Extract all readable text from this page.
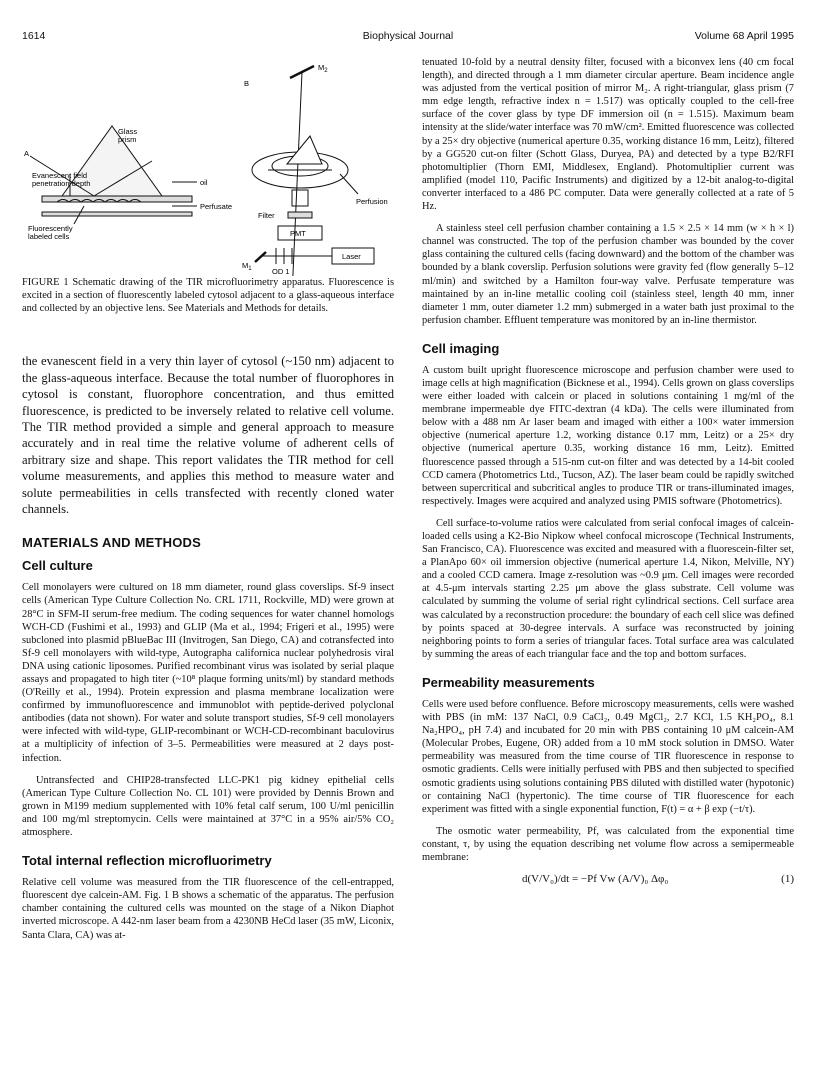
1614	Biophysical Journal	Volume 68 April 1995
A
Evanescent field
penetration depth
Glass
prism
oil
Perfusate
Fluorescently
labeled cells
B
$M_2$
$M_1$
Perfusion
Filter
PMT
Laser
OD 1

FIGURE 1 Schematic drawing of the TIR microfluorimetry apparatus. Fluorescence is excited in a section of fluorescently labeled cytosol adjacent to a glass-aqueous interface and collected by an objective lens. See Materials and Methods for details.

the evanescent field in a very thin layer of cytosol (~150 nm) adjacent to the glass-aqueous interface. Because the total number of fluorophores in cytosol is constant, fluorophore concentration, and thus emitted fluorescence, is predicted to be inversely related to relative cell volume. The TIR method provided a simple and general approach to measure accurately and in real time the relative volume of adherent cells of arbitrary size and shape. This report validates the TIR method for cell volume measurements, and applies this method to measure water and solute permeabilities in cells transfected with recently cloned water channels.

MATERIALS AND METHODS
Cell culture

Cell monolayers were cultured on 18 mm diameter, round glass coverslips. Sf-9 insect cells (American Type Culture Collection No. CRL 1711, Rockville, MD) were grown at 28°C in SFM-II serum-free medium. The coding sequences for water channel homologs WCH-CD (Fushimi et al., 1993) and GLIP (Ma et al., 1994; Frigeri et al., 1995) were subcloned into plasmid pBlueBac III (Invitrogen, San Diego, CA) and cotransfected into Sf-9 cell monolayers with wild-type, Autographa californica nuclear polyhedrosis viral DNA using cationic liposomes. Purified recombinant virus was isolated by serial plaque assays and propagated to high titer (~10⁸ plaque forming units/ml) by standard methods (O'Reilly et al., 1994). Protein expression and plasma membrane localization were confirmed by immunofluorescence and immunoblot with peptide-derived polyclonal antibodies (data not shown). For water and solute transport studies, Sf-9 cell monolayers were infected with wild-type, GLIP-recombinant or WCH-CD-recombinant baculovirus at a multiplicity of infection of 3–5. Permeabilities were measured at 2 days post-infection.

Untransfected and CHIP28-transfected LLC-PK1 pig kidney epithelial cells (American Type Culture Collection No. CL 101) were provided by Dennis Brown and grown in M199 medium supplemented with 10% fetal calf serum, 100 U/ml penicillin and 100 mg/ml streptomycin. Cells were maintained at 37°C in a 95% air/5% CO₂ atmosphere.

Total internal reflection microfluorimetry

Relative cell volume was measured from the TIR fluorescence of the cell-entrapped, fluorescent dye calcein-AM. Fig. 1 B shows a schematic of the apparatus. The perfusion chamber containing the cultured cells was mounted on the stage of a Nikon Diaphot inverted microscope. A 442-nm laser beam from a 4230NB HeCd laser (35 mW, Liconix, Santa Clara, CA) was at-

tenuated 10-fold by a neutral density filter, focused with a biconvex lens (40 cm focal length), and directed through a 1 mm diameter circular aperture. Beam incidence angle was adjusted from the vertical position of mirror M₂. A right-triangular, glass prism (7 mm edge length, refractive index n = 1.517) was optically coupled to the cell-free surface of the cover glass by type DF immersion oil (n = 1.515). Maximum beam intensity at the slide/water interface was 70 mW/cm². Emitted fluorescence was collected by a 25× dry objective (numerical aperture 0.35, working distance 16 mm, Leitz), filtered by a GG520 cut-on filter (Schott Glass, Duryea, PA) and detected by a type B2/RFI photomultiplier (Thorn EMI, Middlesex, England). Photomultiplier current was amplified (model 110, Pacific Instruments) and digitized by a 12-bit analog-to-digital converter interfaced to a 486 PC computer. Data were generally collected at a rate of 5 Hz.

A stainless steel cell perfusion chamber containing a 1.5 × 2.5 × 14 mm (w × h × l) channel was constructed. The top of the perfusion chamber was bounded by the cover glass containing the cultured cells (facing downward) and the bottom of the chamber was bounded by a blank coverslip. Perfusion solutions were gravity fed (flow generally 5–12 ml/min) and switched by a Hamilton four-way valve. Perfusate temperature was maintained by an in-line metallic cooling coil (stainless steel, length 40 mm, inner diameter 1 mm, outer diameter 1.2 mm) submerged in a water bath just proximal to the perfusion chamber. Effluent temperature was monitored by an in-line thermistor.

Cell imaging

A custom built upright fluorescence microscope and perfusion chamber were used to image cells at high magnification (Bicknese et al., 1994). Cells grown on glass coverslips were either loaded with calcein or placed in solutions containing 1 mg/ml of the membrane impermeable dye FITC-dextran (4 kDa). The cells were illuminated from below with a 488 nm Ar laser beam and imaged with either a 100× water immersion objective (numerical aperture 1.2, working distance 0.17 mm, Leitz) or a 25× dry objective (numerical aperture 0.35, working distance 16 mm, Leitz). Emitted fluorescence passed through a 515-nm cut-on filter and was detected by a 14-bit cooled CCD camera (Photometrics Ltd., Tucson, AZ). The laser beam could be rapidly switched between supercritical and subcritical angles to produce TIR or trans-illuminated images, respectively. Images were acquired and analyzed using PMIS software (Photometrics).

Cell surface-to-volume ratios were calculated from serial confocal images of calcein-loaded cells using a K2-Bio Nipkow wheel confocal microscope (Technical Instruments, San Francisco, CA). Fluorescence was excited and measured with a fluorescein-filter set, a PlanApo 60× oil immersion objective (numerical aperture 1.4, Nikon, Melville, NY) and a cooled CCD camera. Image z-resolution was ~0.9 μm. Cell images were recorded at 4.5-μm intervals starting 2.25 μm above the glass substrate. Cell volume was calculated by summing the volume of serial right cylindrical sections. Cell surface area was calculated by a reconstruction procedure: the boundary of each cell slice was defined by points spaced at 30-degree intervals. A surface was reconstructed by joining neighboring points to form a series of triangular faces. Total surface area was calculated by summing the areas of each triangular face and the top and bottom surfaces.

Permeability measurements

Cells were used before confluence. Before microscopy measurements, cells were washed with PBS (in mM: 137 NaCl, 0.9 CaCl₂, 0.49 MgCl₂, 2.7 KCl, 1.5 KH₂PO₄, 8.1 Na₂HPO₄, pH 7.4) and incubated for 20 min with PBS containing 10 μM calcein-AM (Molecular Probes, Eugene, OR) added from a 10 mM stock solution in DMSO. Water permeability was measured from the time course of TIR fluorescence in response to osmotic gradients. Cells were initially perfused with PBS and then subjected to specified osmotic gradients using solutions containing PBS diluted with distilled water (hypotonic) or containing NaCl (hypertonic). The time course of TIR fluorescence for each experiment was fitted with a single exponential function, F(t) = α + β exp (−t/τ).

The osmotic water permeability, Pf, was calculated from the exponential time constant, τ, by using the equation describing net volume flow across a semipermeable membrane:

d(V/V₀)/dt = −Pf Vw (A/V)₀ Δφ₀	(1)
